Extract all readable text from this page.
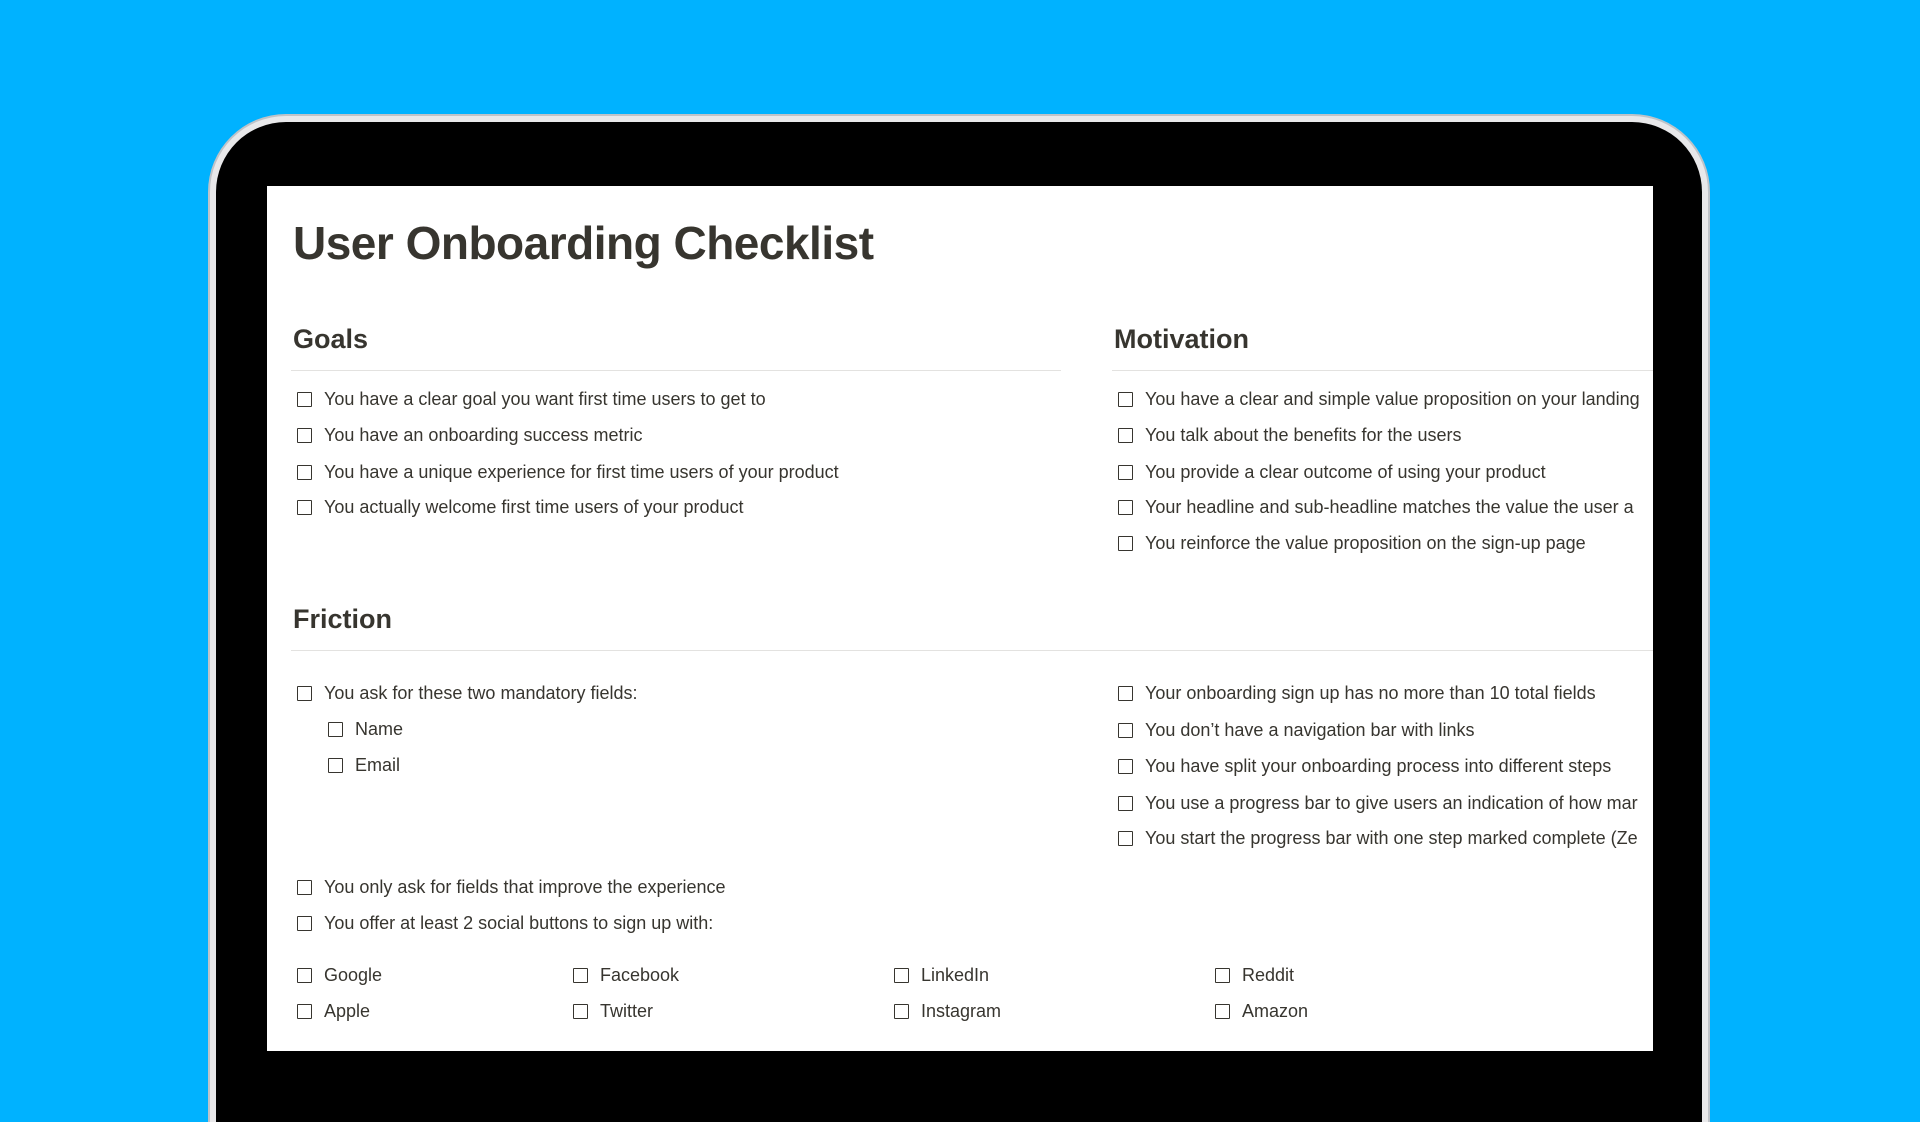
User Onboarding Checklist
Goals
You have a clear goal you want first time users to get to
You have an onboarding success metric
You have a unique experience for first time users of your product
You actually welcome first time users of your product
Motivation
You have a clear and simple value proposition on your landing
You talk about the benefits for the users
You provide a clear outcome of using your product
Your headline and sub-headline matches the value the user a
You reinforce the value proposition on the sign-up page
Friction
You ask for these two mandatory fields:
Name
Email
You only ask for fields that improve the experience
You offer at least 2 social buttons to sign up with:
Your onboarding sign up has no more than 10 total fields
You don’t have a navigation bar with links
You have split your onboarding process into different steps
You use a progress bar to give users an indication of how mar
You start the progress bar with one step marked complete (Ze
Google	Facebook	LinkedIn	Reddit
Apple	Twitter	Instagram	Amazon
